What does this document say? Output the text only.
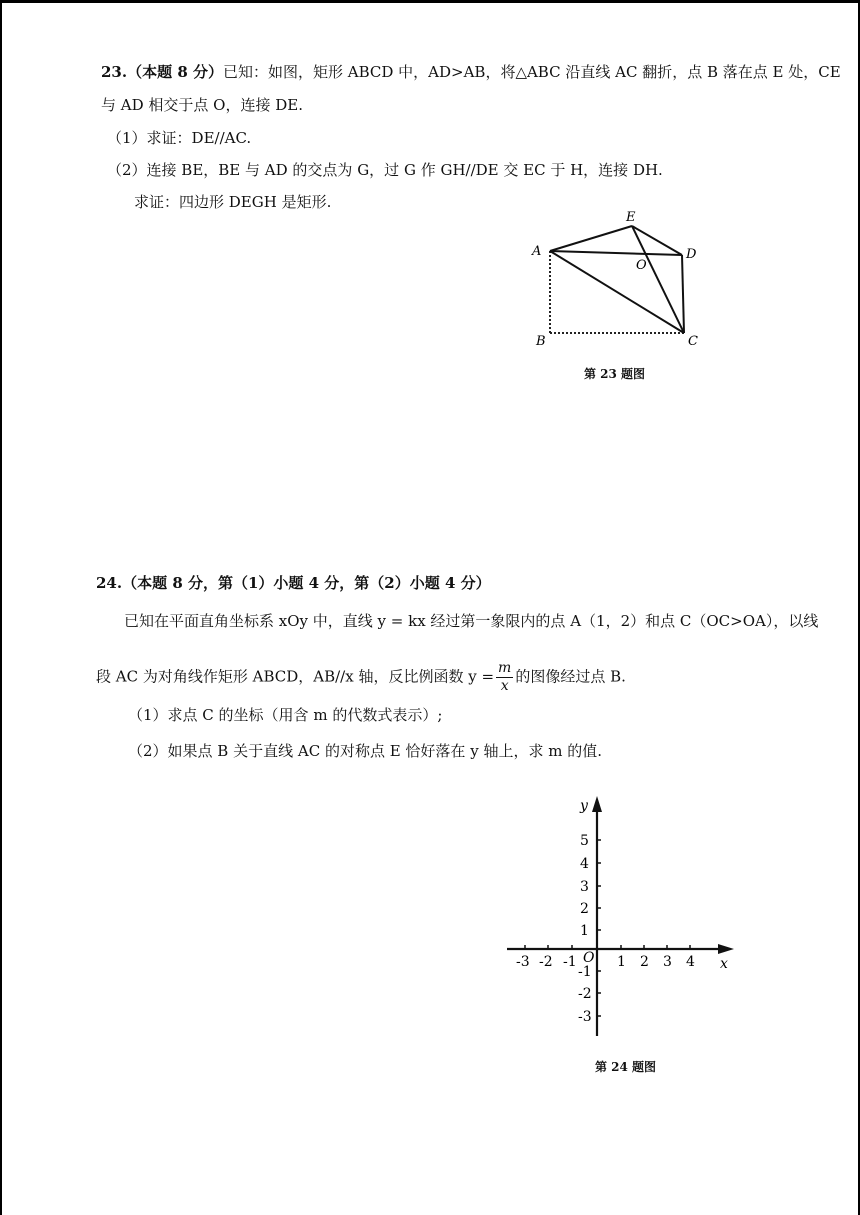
23.（本题 8 分）已知：如图，矩形 ABCD 中，AD>AB，将△ABC 沿直线 AC 翻折，点 B 落在点 E 处，CE
与 AD 相交于点 O，连接 DE.
（1）求证：DE//AC.
（2）连接 BE，BE 与 AD 的交点为 G，过 G 作 GH//DE 交 EC 于 H，连接 DH.
求证：四边形 DEGH 是矩形.
E
A
O
D
B	C
第 23 题图
24.（本题 8 分，第（1）小题 4 分，第（2）小题 4 分）
已知在平面直角坐标系 xOy 中，直线 y = kx 经过第一象限内的点 A（1，2）和点 C（OC>OA），以线
段 AC 为对角线作矩形 ABCD，AB//x 轴，反比例函数 $y = \frac{m}{x}$ 的图像经过点 B.
（1）求点 C 的坐标（用含 m 的代数式表示）;
（2）如果点 B 关于直线 AC 的对称点 E 恰好落在 y 轴上，求 m 的值.
y
x
O
5
4
3
2
1
-1
-2
-3
-3 -2 -1	1 2 3 4
第 24 题图
